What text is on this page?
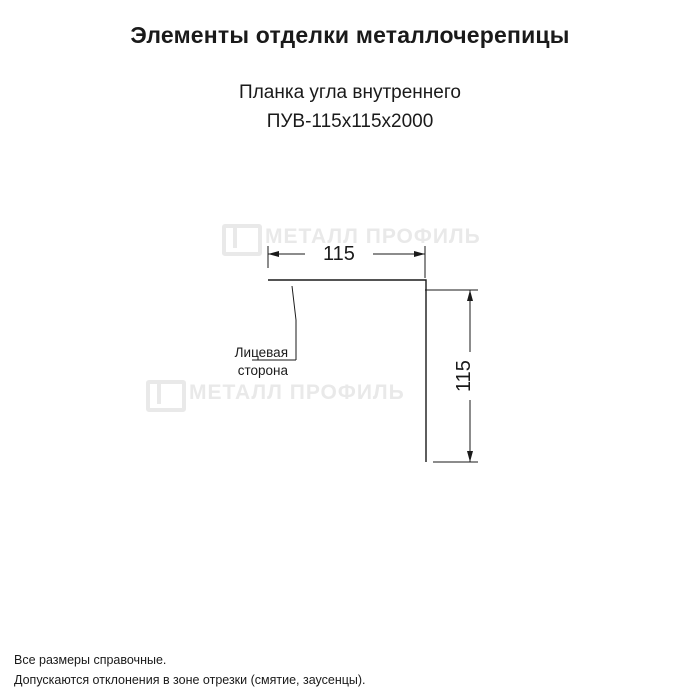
Элементы отделки металлочерепицы
Планка угла внутреннего
ПУВ-115х115х2000
МЕТАЛЛ ПРОФИЛЬ
МЕТАЛЛ ПРОФИЛЬ
115
115
Лицевая
сторона
Все размеры справочные.
Допускаются отклонения в зоне отрезки (смятие, заусенцы).
